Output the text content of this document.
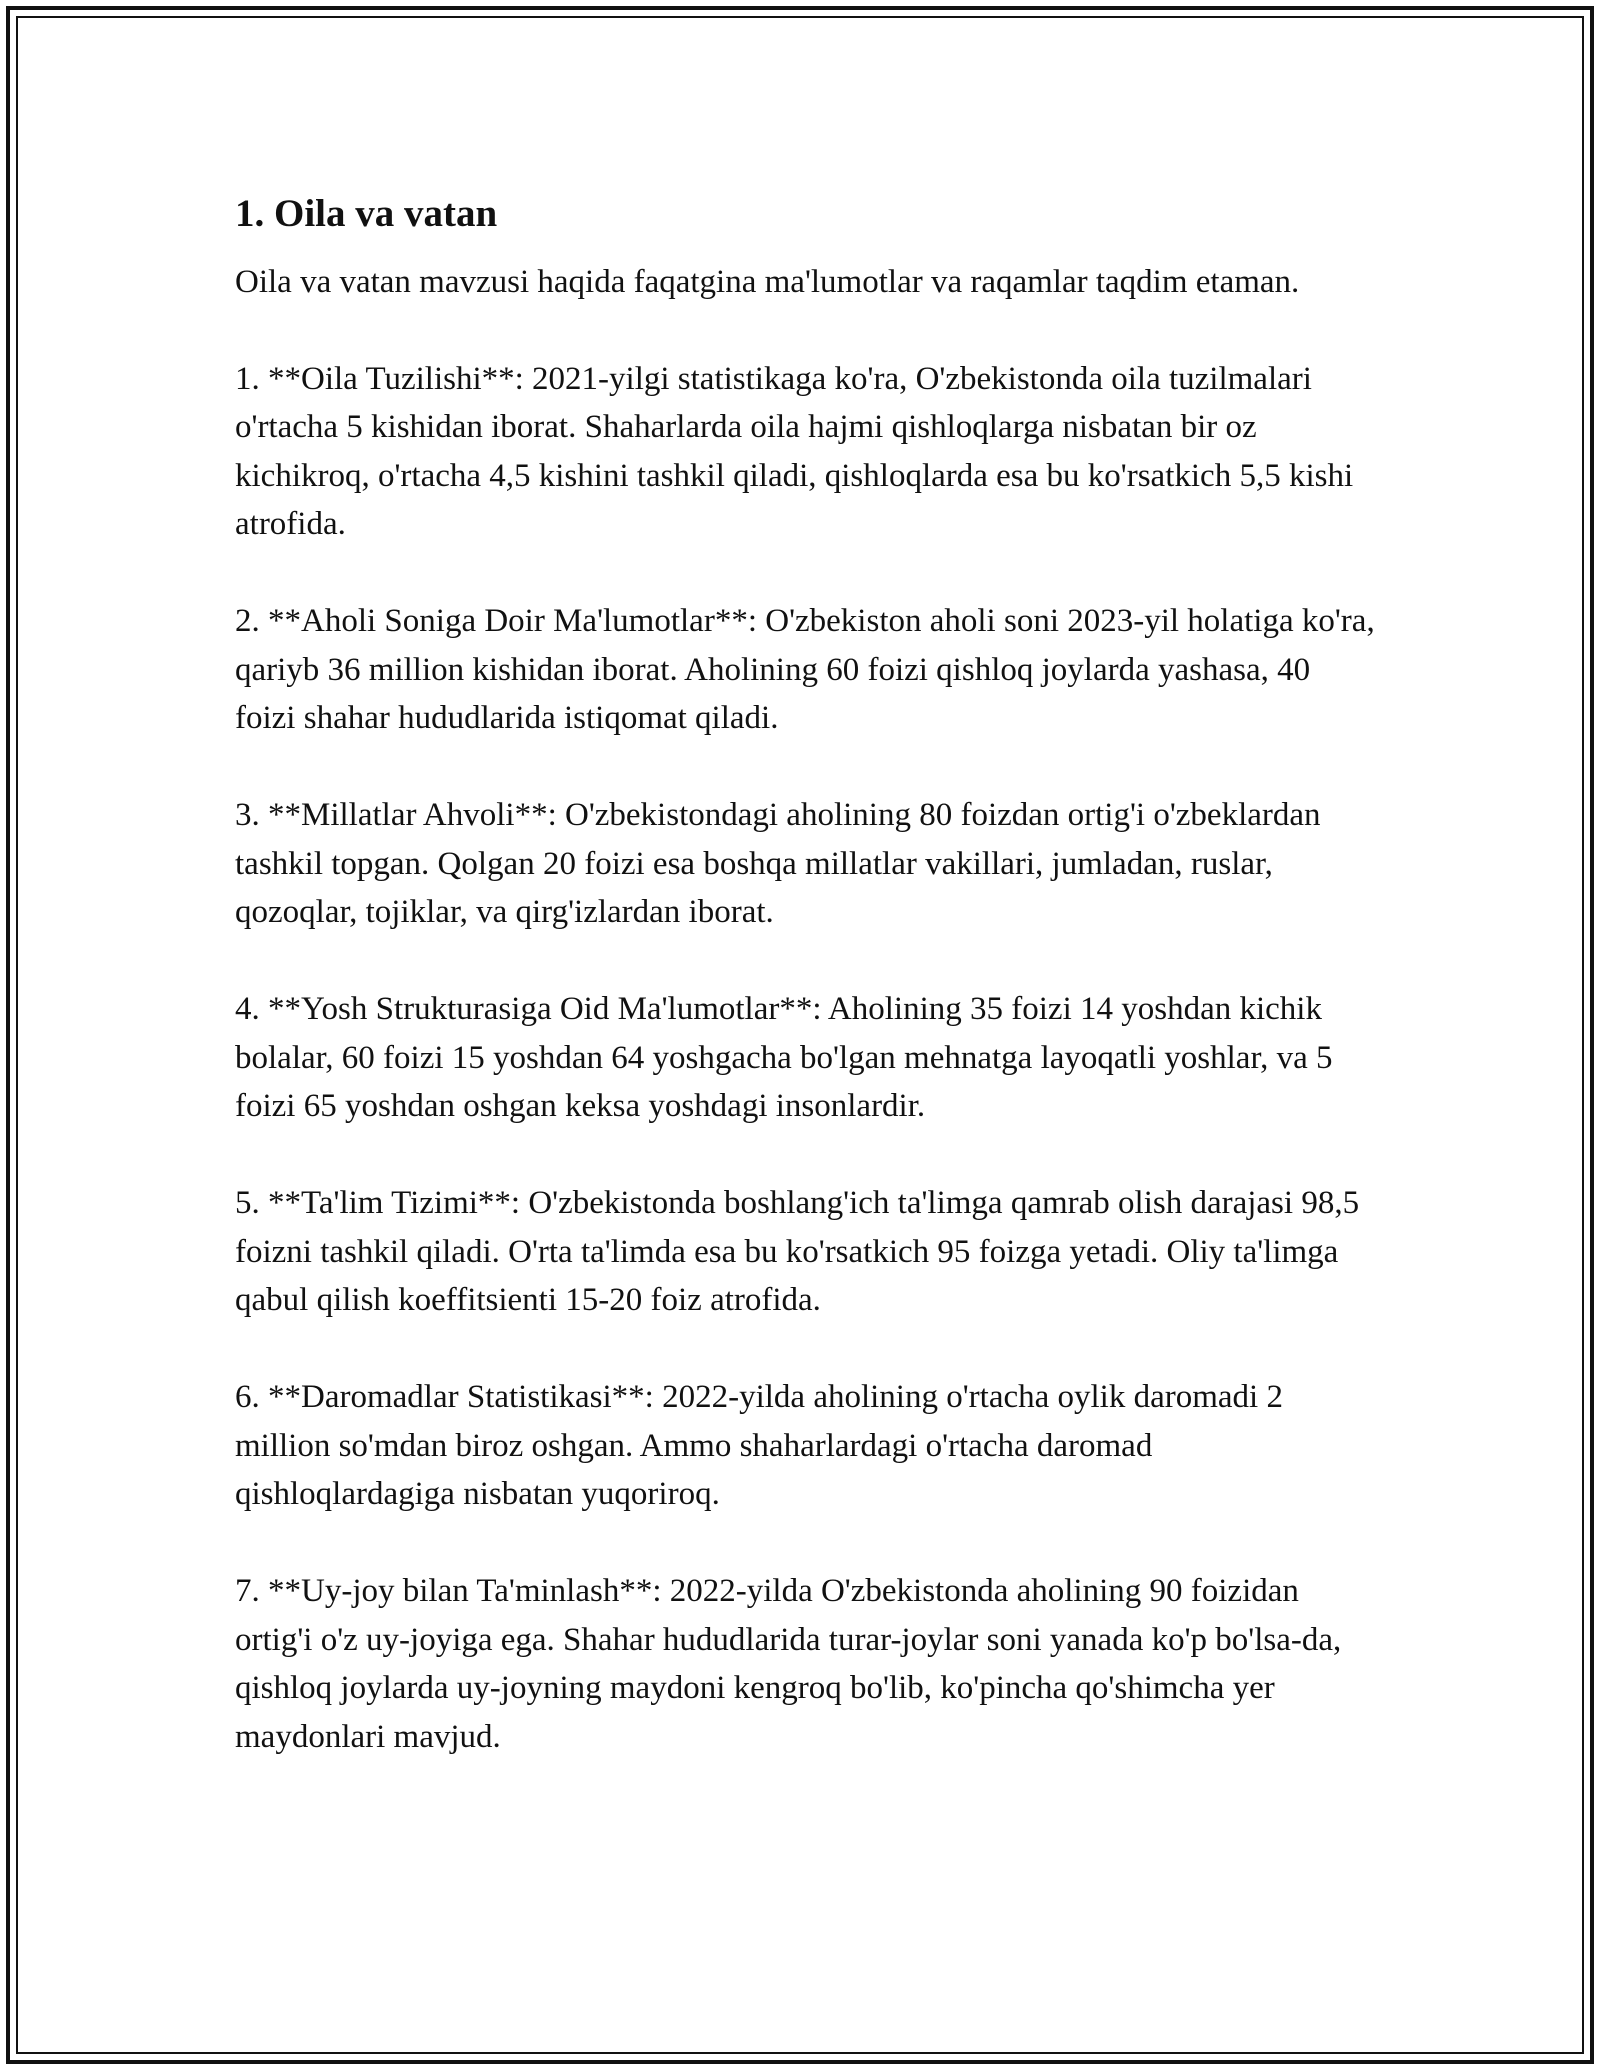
1. Oila va vatan

Oila va vatan mavzusi haqida faqatgina ma'lumotlar va raqamlar taqdim etaman.

1. **Oila Tuzilishi**: 2021-yilgi statistikaga ko'ra, O'zbekistonda oila tuzilmalari o'rtacha 5 kishidan iborat. Shaharlarda oila hajmi qishloqlarga nisbatan bir oz kichikroq, o'rtacha 4,5 kishini tashkil qiladi, qishloqlarda esa bu ko'rsatkich 5,5 kishi atrofida.
2. **Aholi Soniga Doir Ma'lumotlar**: O'zbekiston aholi soni 2023-yil holatiga ko'ra, qariyb 36 million kishidan iborat. Aholining 60 foizi qishloq joylarda yashasa, 40 foizi shahar hududlarida istiqomat qiladi.
3. **Millatlar Ahvoli**: O'zbekistondagi aholining 80 foizdan ortig'i o'zbeklardan tashkil topgan. Qolgan 20 foizi esa boshqa millatlar vakillari, jumladan, ruslar, qozoqlar, tojiklar, va qirg'izlardan iborat.
4. **Yosh Strukturasiga Oid Ma'lumotlar**: Aholining 35 foizi 14 yoshdan kichik bolalar, 60 foizi 15 yoshdan 64 yoshgacha bo'lgan mehnatga layoqatli yoshlar, va 5 foizi 65 yoshdan oshgan keksa yoshdagi insonlardir.
5. **Ta'lim Tizimi**: O'zbekistonda boshlang'ich ta'limga qamrab olish darajasi 98,5 foizni tashkil qiladi. O'rta ta'limda esa bu ko'rsatkich 95 foizga yetadi. Oliy ta'limga qabul qilish koeffitsienti 15-20 foiz atrofida.
6. **Daromadlar Statistikasi**: 2022-yilda aholining o'rtacha oylik daromadi 2 million so'mdan biroz oshgan. Ammo shaharlardagi o'rtacha daromad qishloqlardagiga nisbatan yuqoriroq.
7. **Uy-joy bilan Ta'minlash**: 2022-yilda O'zbekistonda aholining 90 foizidan ortig'i o'z uy-joyiga ega. Shahar hududlarida turar-joylar soni yanada ko'p bo'lsa-da, qishloq joylarda uy-joyning maydoni kengroq bo'lib, ko'pincha qo'shimcha yer maydonlari mavjud.
